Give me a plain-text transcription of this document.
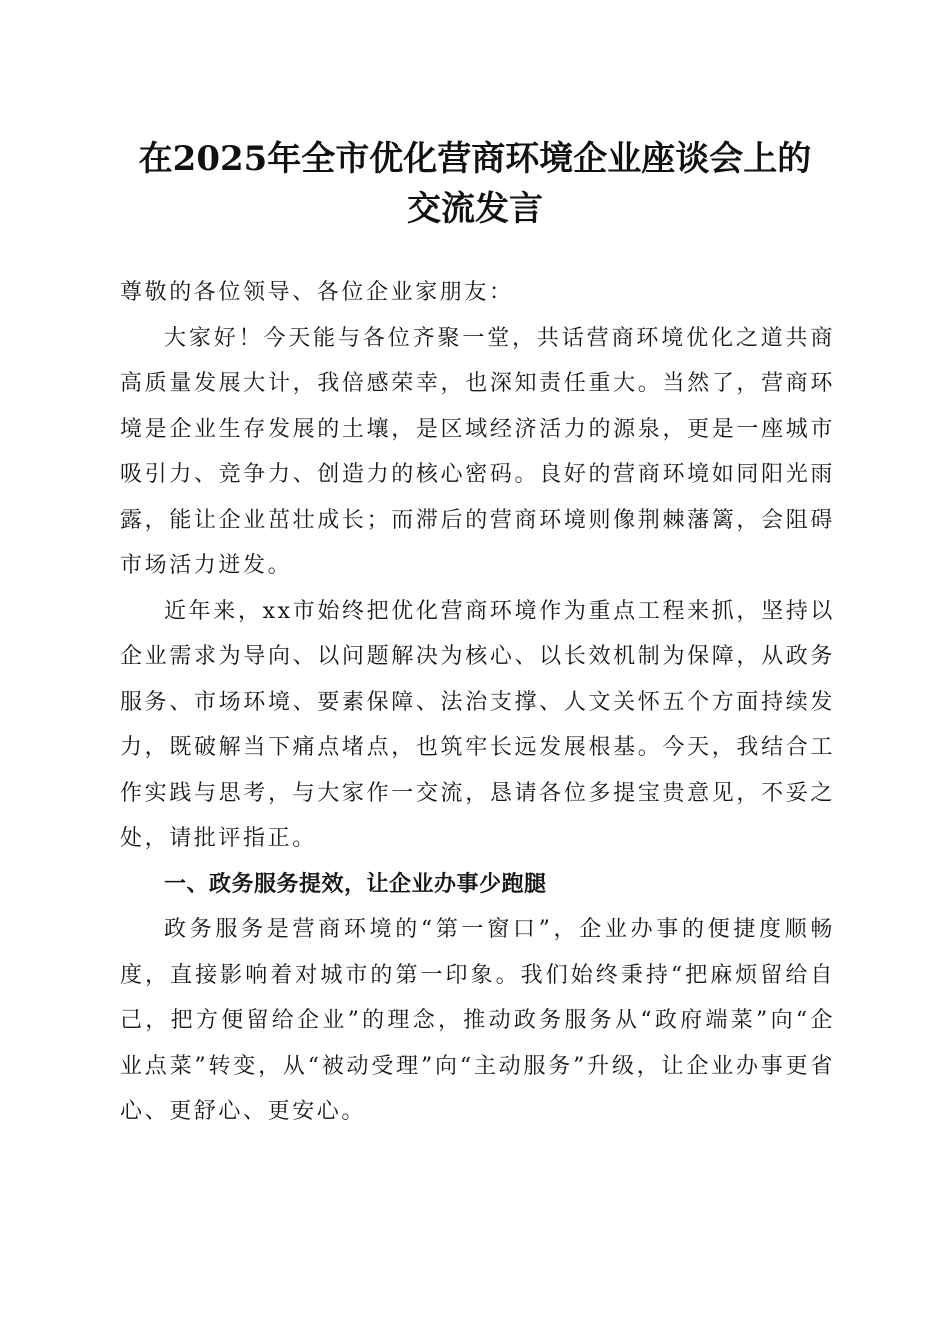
在2025年全市优化营商环境企业座谈会上的
交流发言

尊敬的各位领导、各位企业家朋友：

大家好！今天能与各位齐聚一堂，共话营商环境优化之道共商高质量发展大计，我倍感荣幸，也深知责任重大。当然了，营商环境是企业生存发展的土壤，是区域经济活力的源泉，更是一座城市吸引力、竞争力、创造力的核心密码。良好的营商环境如同阳光雨露，能让企业茁壮成长；而滞后的营商环境则像荆棘藩篱，会阻碍市场活力迸发。

近年来，xx市始终把优化营商环境作为重点工程来抓，坚持以企业需求为导向、以问题解决为核心、以长效机制为保障，从政务服务、市场环境、要素保障、法治支撑、人文关怀五个方面持续发力，既破解当下痛点堵点，也筑牢长远发展根基。今天，我结合工作实践与思考，与大家作一交流，恳请各位多提宝贵意见，不妥之处，请批评指正。

一、政务服务提效，让企业办事少跑腿

政务服务是营商环境的“第一窗口”，企业办事的便捷度顺畅度，直接影响着对城市的第一印象。我们始终秉持“把麻烦留给自己，把方便留给企业”的理念，推动政务服务从“政府端菜”向“企业点菜”转变，从“被动受理”向“主动服务”升级，让企业办事更省心、更舒心、更安心。
